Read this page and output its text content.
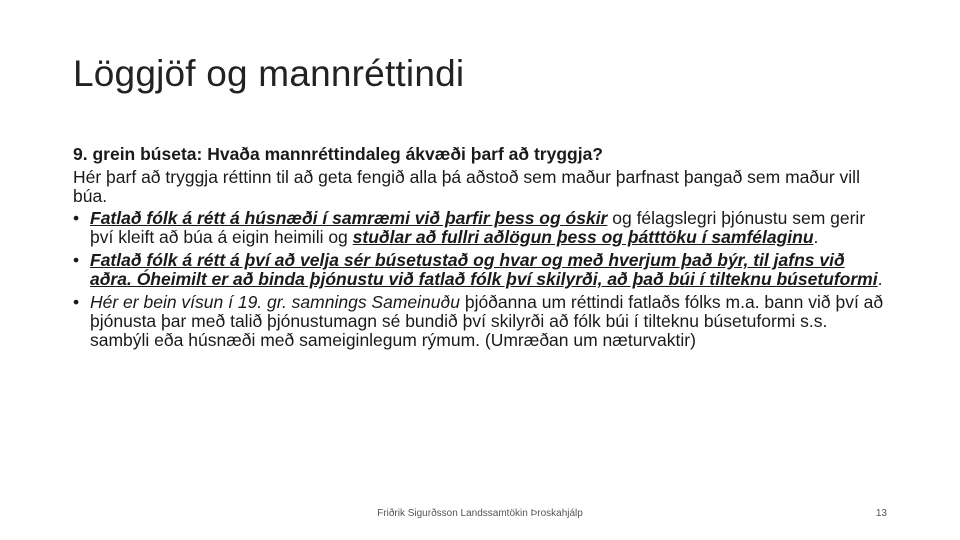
Löggjöf og mannréttindi
9. grein búseta: Hvaða mannréttindaleg ákvæði þarf að tryggja?
Hér þarf að tryggja réttinn til að geta fengið alla þá aðstoð sem maður þarfnast þangað sem maður vill búa.
• Fatlað fólk á rétt á húsnæði í samræmi við þarfir þess og óskir og félagslegri þjónustu sem gerir því kleift að búa á eigin heimili og stuðlar að fullri aðlögun þess og þátttöku í samfélaginu.
• Fatlað fólk á rétt á því að velja sér búsetustað og hvar og með hverjum það býr, til jafns við aðra. Óheimilt er að binda þjónustu við fatlað fólk því skilyrði, að það búi í tilteknu búsetuformi.
• Hér er bein vísun í 19. gr. samnings Sameinuðu þjóðanna um réttindi fatlaðs fólks m.a. bann við því að þjónusta þar með talið þjónustumagn sé bundið því skilyrði að fólk búi í tilteknu búsetuformi s.s. sambýli eða húsnæði með sameiginlegum rýmum. (Umræðan um næturvaktir)
Friðrik Sigurðsson Landssamtökin Þroskahjálp	13
